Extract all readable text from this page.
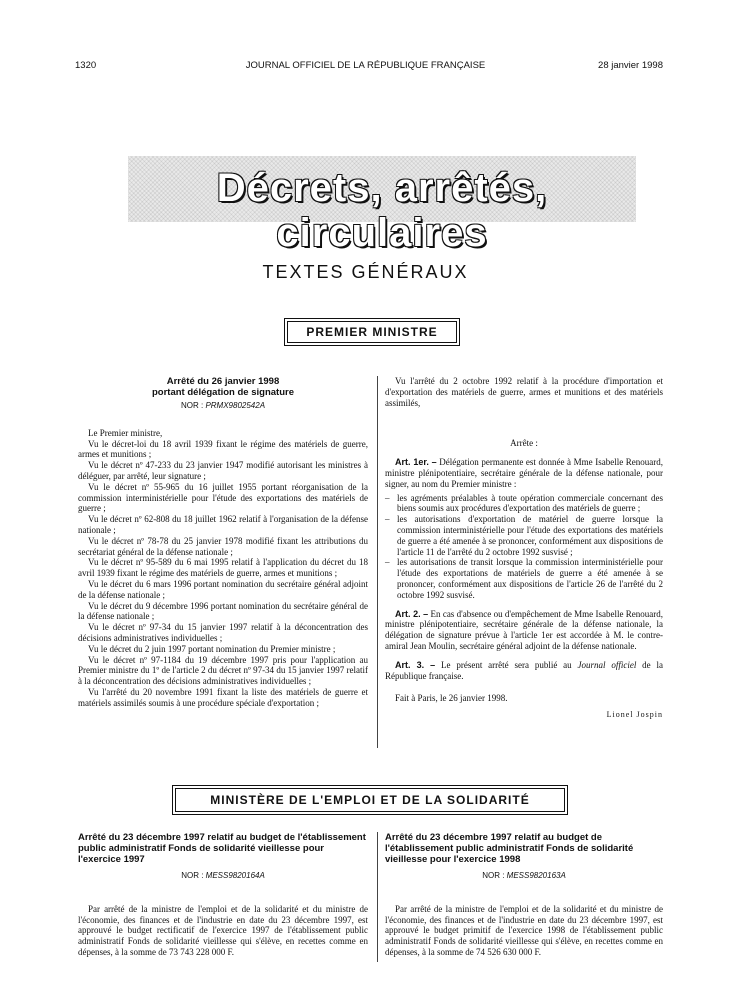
1320	JOURNAL OFFICIEL DE LA RÉPUBLIQUE FRANÇAISE	28 janvier 1998
Décrets, arrêtés, circulaires
TEXTES GÉNÉRAUX
PREMIER MINISTRE
Arrêté du 26 janvier 1998
portant délégation de signature
NOR : PRMX9802542A

Le Premier ministre,

Vu le décret-loi du 18 avril 1939 fixant le régime des matériels de guerre, armes et munitions ;

Vu le décret nº 47-233 du 23 janvier 1947 modifié autorisant les ministres à déléguer, par arrêté, leur signature ;

Vu le décret nº 55-965 du 16 juillet 1955 portant réorganisation de la commission interministérielle pour l'étude des exportations des matériels de guerre ;

Vu le décret nº 62-808 du 18 juillet 1962 relatif à l'organisation de la défense nationale ;

Vu le décret nº 78-78 du 25 janvier 1978 modifié fixant les attributions du secrétariat général de la défense nationale ;

Vu le décret nº 95-589 du 6 mai 1995 relatif à l'application du décret du 18 avril 1939 fixant le régime des matériels de guerre, armes et munitions ;

Vu le décret du 6 mars 1996 portant nomination du secrétaire général adjoint de la défense nationale ;

Vu le décret du 9 décembre 1996 portant nomination du secrétaire général de la défense nationale ;

Vu le décret nº 97-34 du 15 janvier 1997 relatif à la déconcentration des décisions administratives individuelles ;

Vu le décret du 2 juin 1997 portant nomination du Premier ministre ;

Vu le décret nº 97-1184 du 19 décembre 1997 pris pour l'application au Premier ministre du 1º de l'article 2 du décret nº 97-34 du 15 janvier 1997 relatif à la déconcentration des décisions administratives individuelles ;

Vu l'arrêté du 20 novembre 1991 fixant la liste des matériels de guerre et matériels assimilés soumis à une procédure spéciale d'exportation ;

Vu l'arrêté du 2 octobre 1992 relatif à la procédure d'importation et d'exportation des matériels de guerre, armes et munitions et des matériels assimilés,

Arrête :

Art. 1er. – Délégation permanente est donnée à Mme Isabelle Renouard, ministre plénipotentiaire, secrétaire générale de la défense nationale, pour signer, au nom du Premier ministre :

– les agréments préalables à toute opération commerciale concernant des biens soumis aux procédures d'exportation des matériels de guerre ;
– les autorisations d'exportation de matériel de guerre lorsque la commission interministérielle pour l'étude des exportations des matériels de guerre a été amenée à se prononcer, conformément aux dispositions de l'article 11 de l'arrêté du 2 octobre 1992 susvisé ;
– les autorisations de transit lorsque la commission interministérielle pour l'étude des exportations de matériels de guerre a été amenée à se prononcer, conformément aux dispositions de l'article 26 de l'arrêté du 2 octobre 1992 susvisé.

Art. 2. – En cas d'absence ou d'empêchement de Mme Isabelle Renouard, ministre plénipotentiaire, secrétaire générale de la défense nationale, la délégation de signature prévue à l'article 1er est accordée à M. le contre-amiral Jean Moulin, secrétaire général adjoint de la défense nationale.

Art. 3. – Le présent arrêté sera publié au Journal officiel de la République française.

Fait à Paris, le 26 janvier 1998.

Lionel Jospin
MINISTÈRE DE L'EMPLOI ET DE LA SOLIDARITÉ
Arrêté du 23 décembre 1997 relatif au budget de l'établissement public administratif Fonds de solidarité vieillesse pour l'exercice 1997
NOR : MESS9820164A

Par arrêté de la ministre de l'emploi et de la solidarité et du ministre de l'économie, des finances et de l'industrie en date du 23 décembre 1997, est approuvé le budget rectificatif de l'exercice 1997 de l'établissement public administratif Fonds de solidarité vieillesse qui s'élève, en recettes comme en dépenses, à la somme de 73 743 228 000 F.

Arrêté du 23 décembre 1997 relatif au budget de l'établissement public administratif Fonds de solidarité vieillesse pour l'exercice 1998
NOR : MESS9820163A

Par arrêté de la ministre de l'emploi et de la solidarité et du ministre de l'économie, des finances et de l'industrie en date du 23 décembre 1997, est approuvé le budget primitif de l'exercice 1998 de l'établissement public administratif Fonds de solidarité vieillesse qui s'élève, en recettes comme en dépenses, à la somme de 74 526 630 000 F.
